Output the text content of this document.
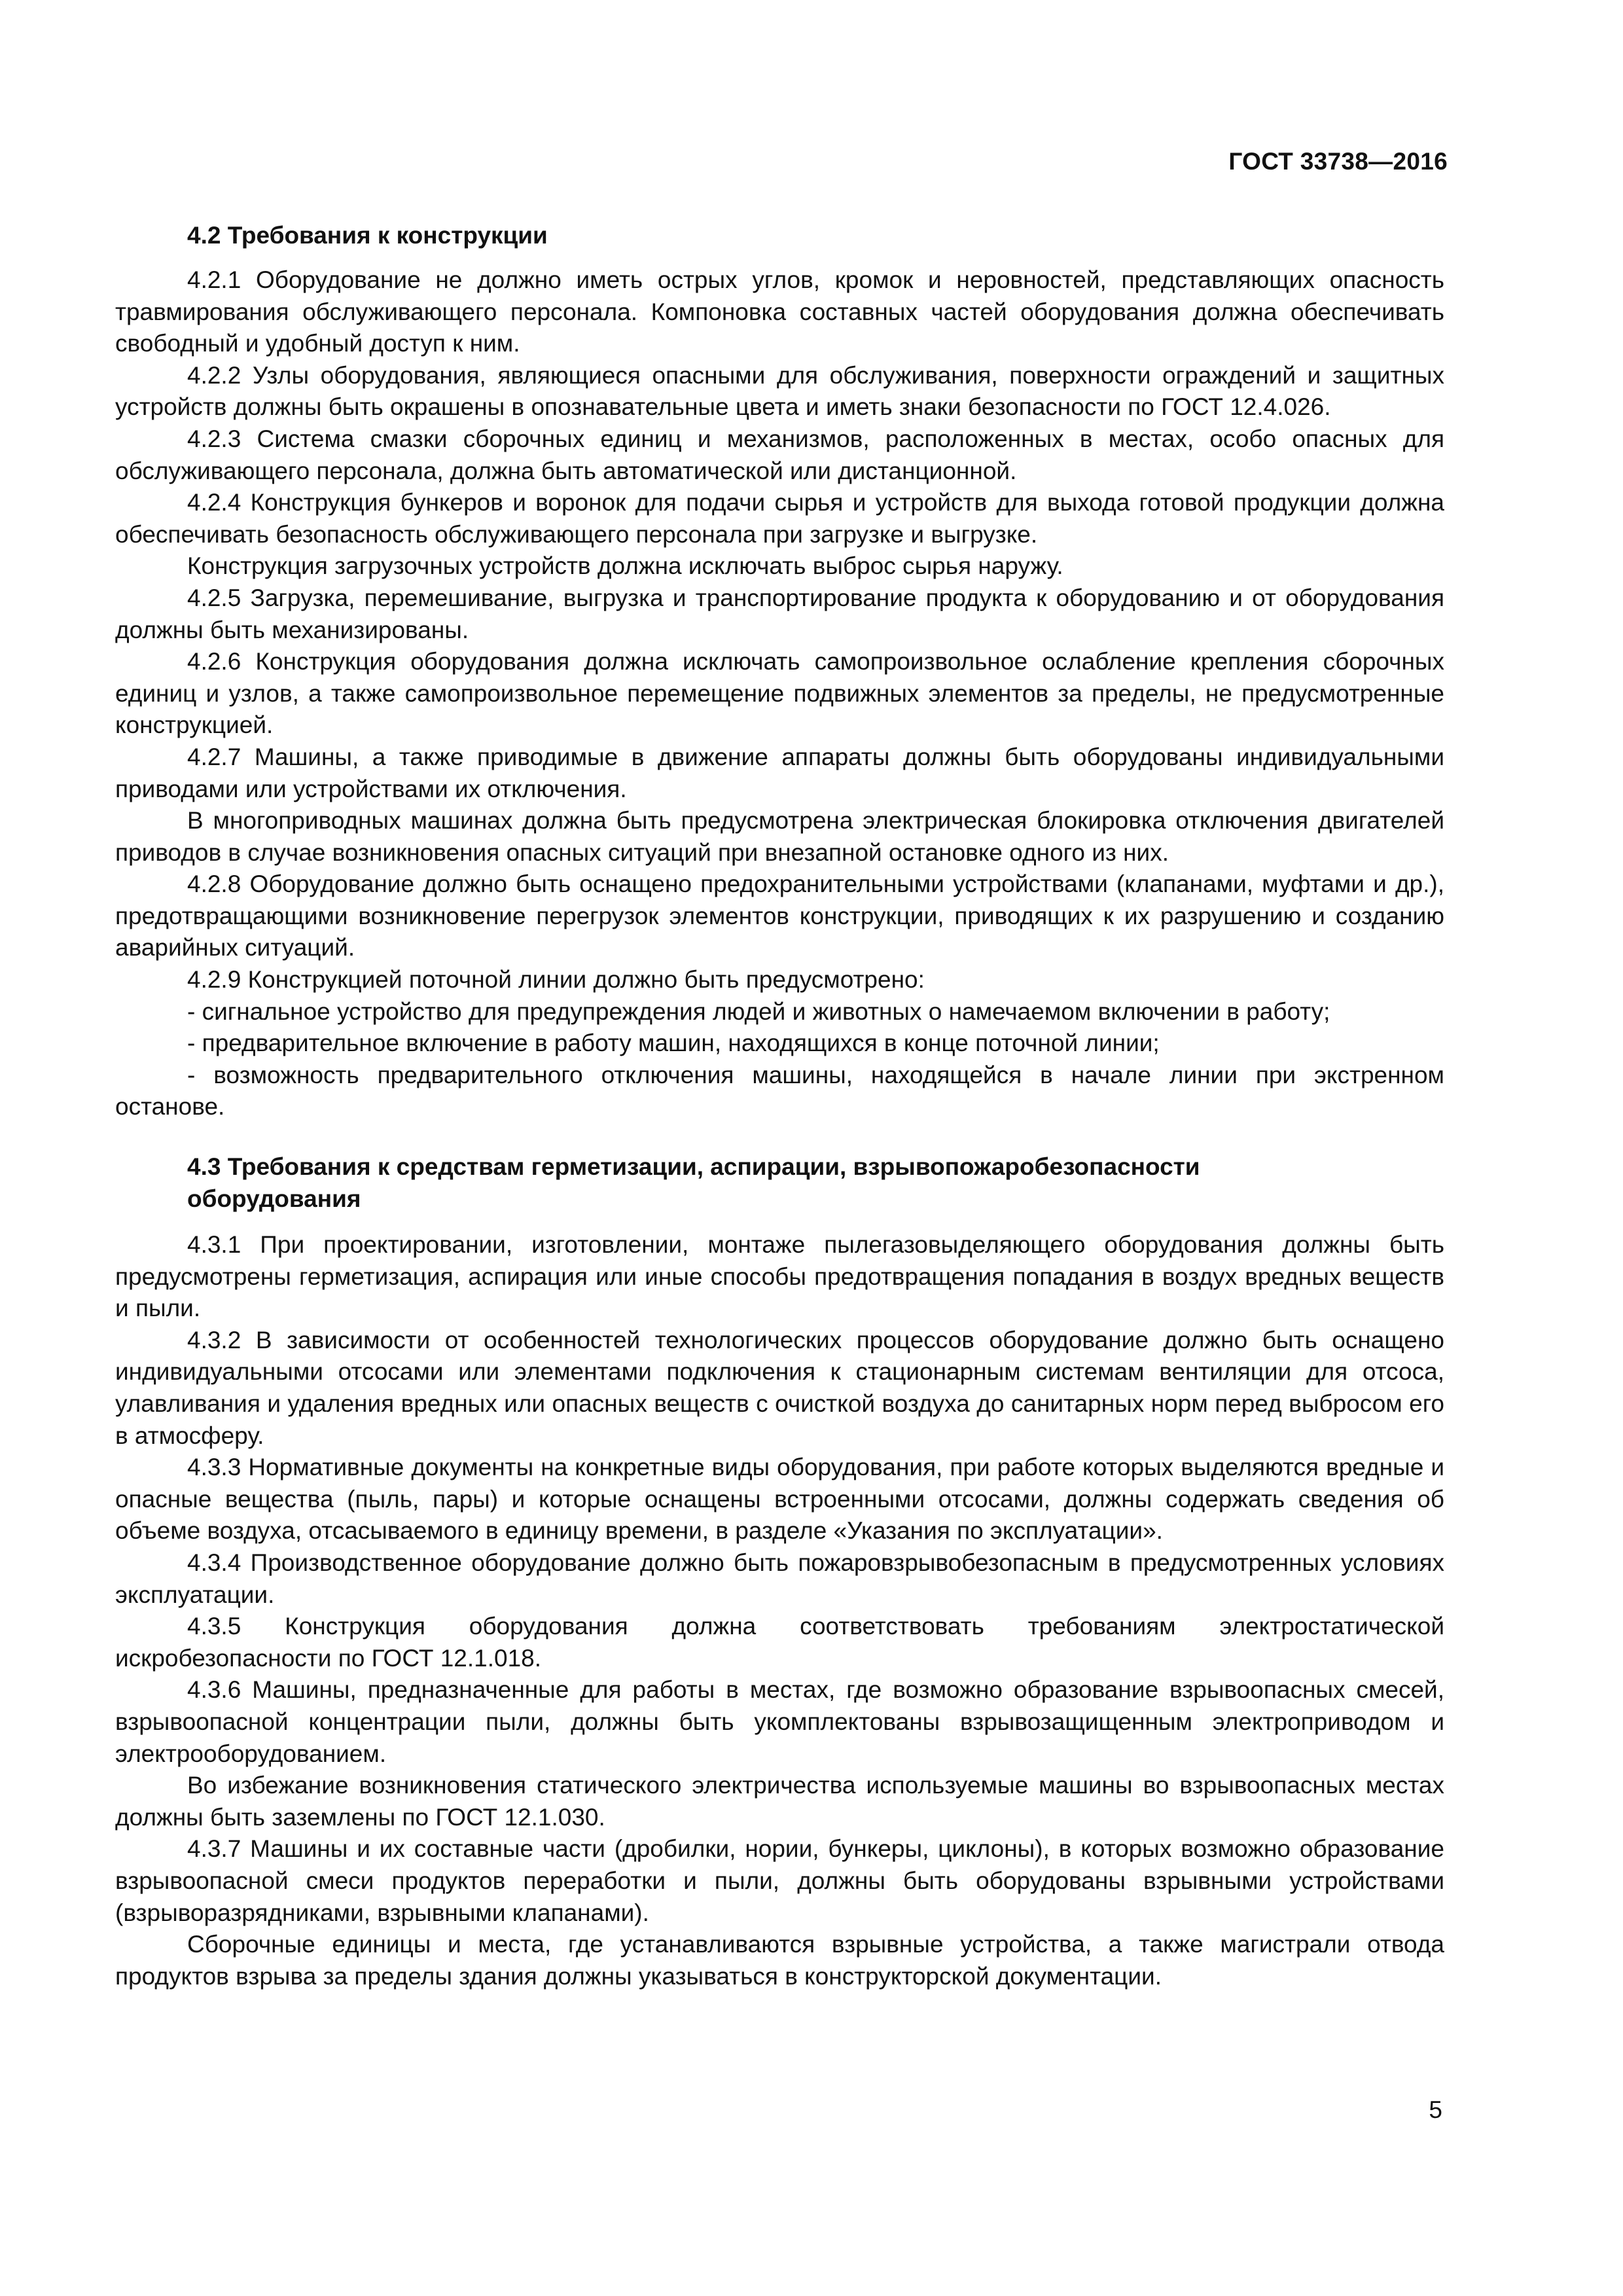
ГОСТ 33738—2016
4.2 Требования к конструкции

4.2.1 Оборудование не должно иметь острых углов, кромок и неровностей, представляющих опасность травмирования обслуживающего персонала. Компоновка составных частей оборудования должна обеспечивать свободный и удобный доступ к ним.

4.2.2 Узлы оборудования, являющиеся опасными для обслуживания, поверхности ограждений и защитных устройств должны быть окрашены в опознавательные цвета и иметь знаки безопасности по ГОСТ 12.4.026.

4.2.3 Система смазки сборочных единиц и механизмов, расположенных в местах, особо опасных для обслуживающего персонала, должна быть автоматической или дистанционной.

4.2.4 Конструкция бункеров и воронок для подачи сырья и устройств для выхода готовой продукции должна обеспечивать безопасность обслуживающего персонала при загрузке и выгрузке.

Конструкция загрузочных устройств должна исключать выброс сырья наружу.

4.2.5 Загрузка, перемешивание, выгрузка и транспортирование продукта к оборудованию и от оборудования должны быть механизированы.

4.2.6 Конструкция оборудования должна исключать самопроизвольное ослабление крепления сборочных единиц и узлов, а также самопроизвольное перемещение подвижных элементов за пределы, не предусмотренные конструкцией.

4.2.7 Машины, а также приводимые в движение аппараты должны быть оборудованы индивидуальными приводами или устройствами их отключения.

В многоприводных машинах должна быть предусмотрена электрическая блокировка отключения двигателей приводов в случае возникновения опасных ситуаций при внезапной остановке одного из них.

4.2.8 Оборудование должно быть оснащено предохранительными устройствами (клапанами, муфтами и др.), предотвращающими возникновение перегрузок элементов конструкции, приводящих к их разрушению и созданию аварийных ситуаций.

4.2.9 Конструкцией поточной линии должно быть предусмотрено:

- сигнальное устройство для предупреждения людей и животных о намечаемом включении в работу;

- предварительное включение в работу машин, находящихся в конце поточной линии;

- возможность предварительного отключения машины, находящейся в начале линии при экстренном останове.

4.3 Требования к средствам герметизации, аспирации, взрывопожаробезопасности оборудования

4.3.1 При проектировании, изготовлении, монтаже пылегазовыделяющего оборудования должны быть предусмотрены герметизация, аспирация или иные способы предотвращения попадания в воздух вредных веществ и пыли.

4.3.2 В зависимости от особенностей технологических процессов оборудование должно быть оснащено индивидуальными отсосами или элементами подключения к стационарным системам вентиляции для отсоса, улавливания и удаления вредных или опасных веществ с очисткой воздуха до санитарных норм перед выбросом его в атмосферу.

4.3.3 Нормативные документы на конкретные виды оборудования, при работе которых выделяются вредные и опасные вещества (пыль, пары) и которые оснащены встроенными отсосами, должны содержать сведения об объеме воздуха, отсасываемого в единицу времени, в разделе «Указания по эксплуатации».

4.3.4 Производственное оборудование должно быть пожаровзрывобезопасным в предусмотренных условиях эксплуатации.

4.3.5 Конструкция оборудования должна соответствовать требованиям электростатической искробезопасности по ГОСТ 12.1.018.

4.3.6 Машины, предназначенные для работы в местах, где возможно образование взрывоопасных смесей, взрывоопасной концентрации пыли, должны быть укомплектованы взрывозащищенным электроприводом и электрооборудованием.

Во избежание возникновения статического электричества используемые машины во взрывоопасных местах должны быть заземлены по ГОСТ 12.1.030.

4.3.7 Машины и их составные части (дробилки, нории, бункеры, циклоны), в которых возможно образование взрывоопасной смеси продуктов переработки и пыли, должны быть оборудованы взрывными устройствами (взрыворазрядниками, взрывными клапанами).

Сборочные единицы и места, где устанавливаются взрывные устройства, а также магистрали отвода продуктов взрыва за пределы здания должны указываться в конструкторской документации.

5
